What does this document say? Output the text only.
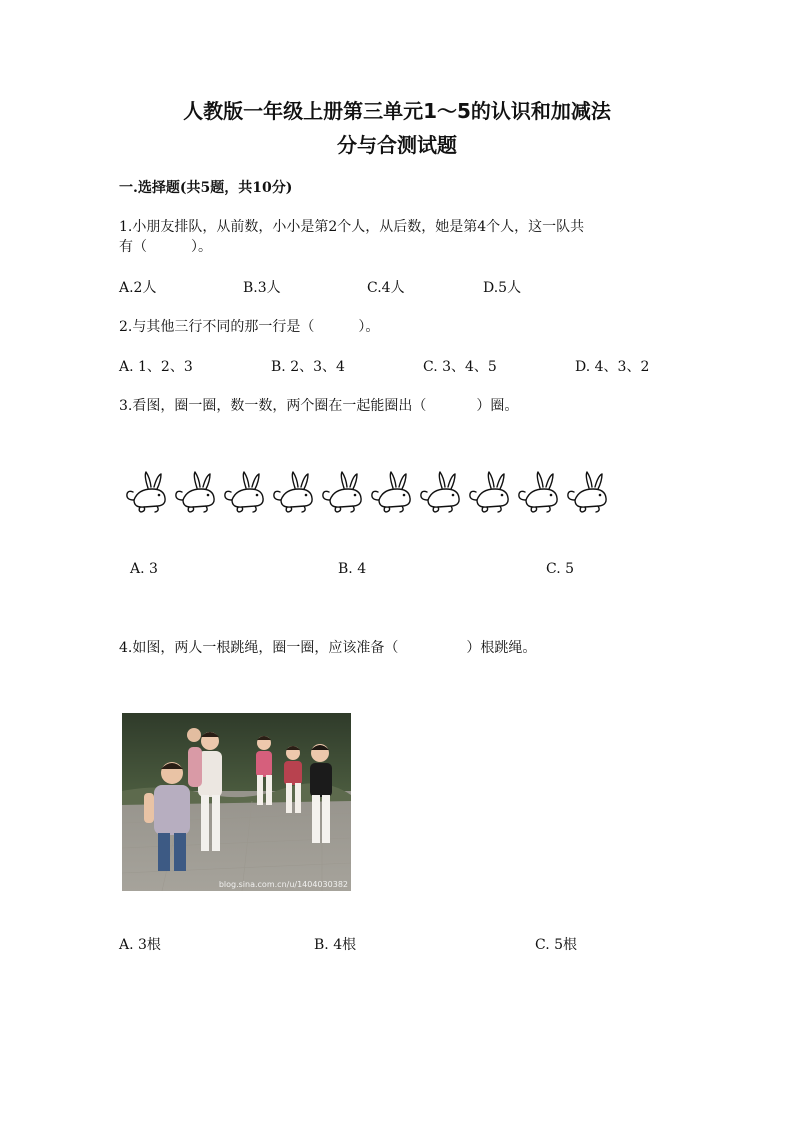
人教版一年级上册第三单元1～5的认识和加减法
分与合测试题
一.选择题(共5题，共10分)
1.小朋友排队，从前数，小小是第2个人，从后数，她是第4个人，这一队共
有（	）。
A.2人	B.3人	C.4人	D.5人
2.与其他三行不同的那一行是（	）。
A. 1、2、3	B. 2、3、4	C. 3、4、5	D. 4、3、2
3.看图，圈一圈，数一数，两个圈在一起能圈出（	）圈。
A. 3	B. 4	C. 5
4.如图，两人一根跳绳，圈一圈，应该准备（	）根跳绳。
blog.sina.com.cn/u/1404030382
A. 3根	B. 4根	C. 5根
